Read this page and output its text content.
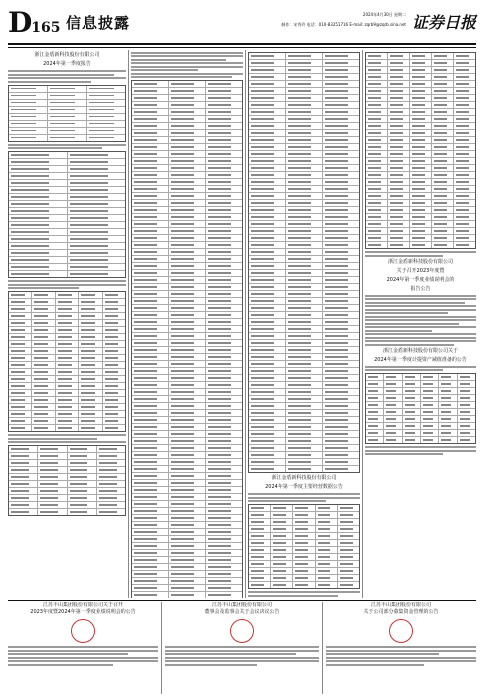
D165 信息披露	2024年4月30日 星期二
制作：宋秀玲 电话：010-83251716 E-mail: zqrb9@zqrb.sina.net 证券日报
浙江金盾新科技股份有限公司
2024年第一季度报告
浙江金盾新科技股份有限公司
2024年第一季度主要经营数据公告
浙江金盾新科技股份有限公司
关于召开2023年度暨
2024年第一季度业绩说明会的
报告公告
浙江金盾新科技股份有限公司关于
2024年第一季度计提资产减值准备的公告
江苏丰山集团股份有限公司关于召开
2023年度暨2024年第一季度业绩说明会的公告
江苏丰山集团股份有限公司
董事会及监事会关于会议决议公告
江苏丰山集团股份有限公司
关于公司部分募集资金管理的公告
